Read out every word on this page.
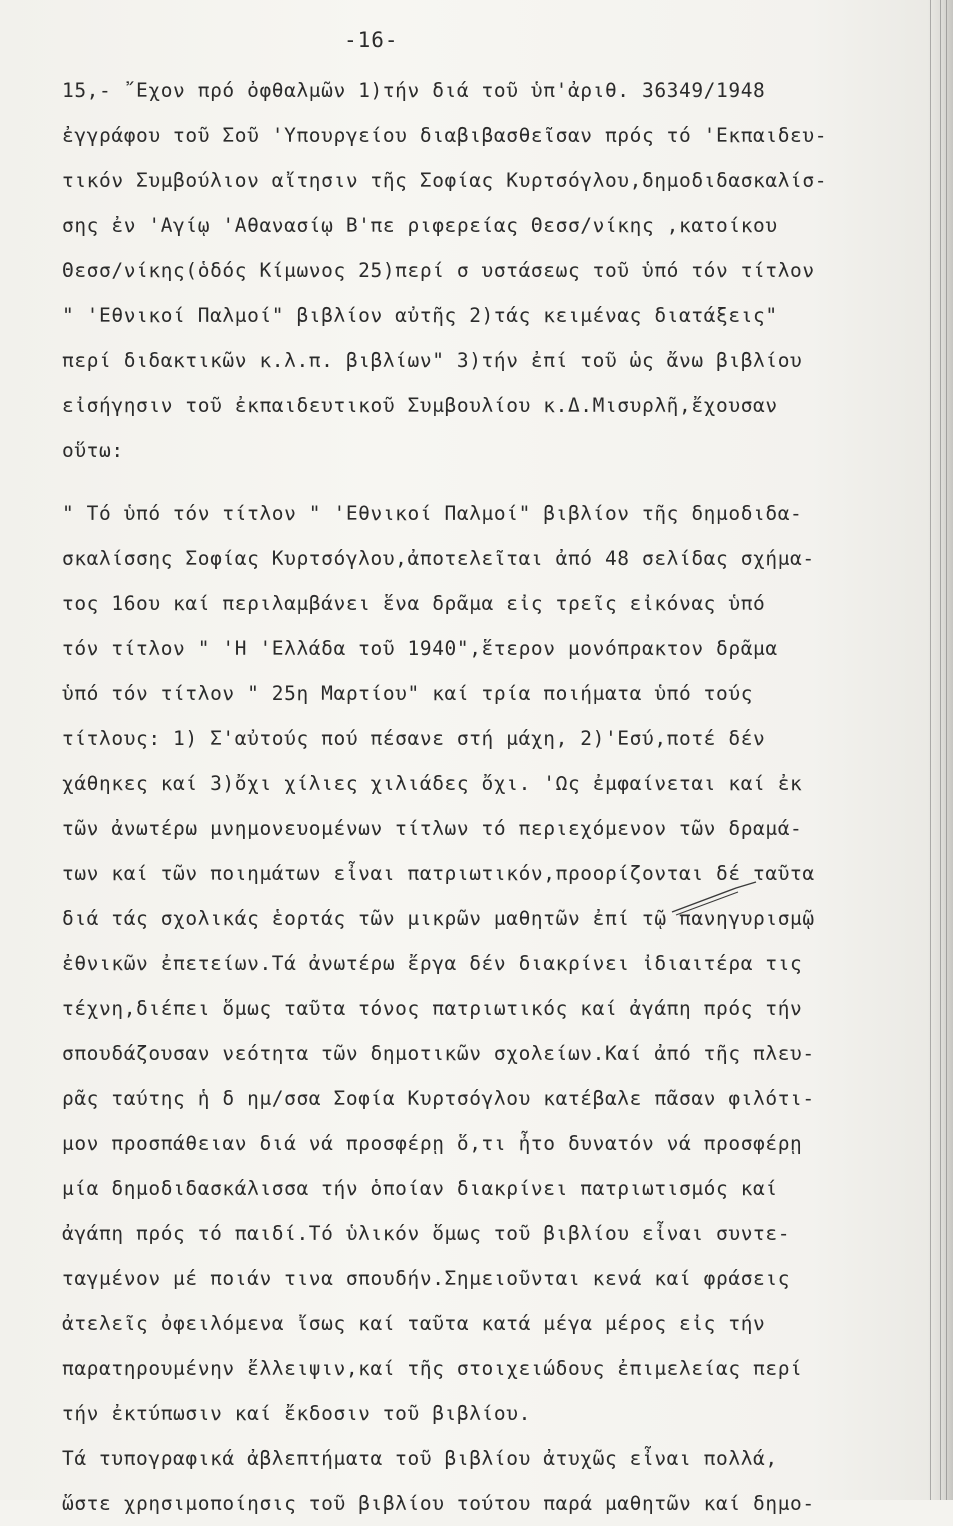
-16-
15,- ῎Εχον πρό ὀφθαλμῶν 1)τήν διά τοῦ ὑπ'ἀριθ. 36349/1948
ἐγγράφου τοῦ Σοῦ 'Υπουργείου διαβιβασθεῖσαν πρός τό 'Εκπαιδευ-
τικόν Συμβούλιον αἴτησιν τῆς Σοφίας Κυρτσόγλου,δημοδιδασκαλίσ-
σης ἐν 'Αγίῳ 'Αθανασίῳ Β'πε ριφερείας Θεσσ/νίκης ,κατοίκου
Θεσσ/νίκης(ὁδός Κίμωνος 25)περί σ υστάσεως τοῦ ὑπό τόν τίτλον
" 'Εθνικοί Παλμοί" βιβλίον αὐτῆς 2)τάς κειμένας διατάξεις"
περί διδακτικῶν κ.λ.π. βιβλίων" 3)τήν ἐπί τοῦ ὡς ἄνω βιβλίου
εἰσήγησιν τοῦ ἐκπαιδευτικοῦ Συμβουλίου κ.Δ.Μισυρλῆ,ἔχουσαν
οὕτω:
" Τό ὑπό τόν τίτλον " 'Εθνικοί Παλμοί" βιβλίον τῆς δημοδιδα-
σκαλίσσης Σοφίας Κυρτσόγλου,ἀποτελεῖται ἀπό 48 σελίδας σχήμα-
τος 16ου καί περιλαμβάνει ἕνα δρᾶμα εἰς τρεῖς εἰκόνας ὑπό
τόν τίτλον " 'Η 'Ελλάδα τοῦ 1940",ἕτερον μονόπρακτον δρᾶμα
ὑπό τόν τίτλον " 25η Μαρτίου" καί τρία ποιήματα ὑπό τούς
τίτλους: 1) Σ'αὐτούς πού πέσανε στή μάχη, 2)'Εσύ,ποτέ δέν
χάθηκες καί 3)ὄχι χίλιες χιλιάδες ὄχι. 'Ως ἐμφαίνεται καί ἐκ
τῶν ἀνωτέρω μνημονευομένων τίτλων τό περιεχόμενον τῶν δραμά-
των καί τῶν ποιημάτων εἶναι πατριωτικόν,προορίζονται δέ ταῦτα
διά τάς σχολικάς ἑορτάς τῶν μικρῶν μαθητῶν ἐπί τῷ πανηγυρισμῷ
ἐθνικῶν ἐπετείων.Τά ἀνωτέρω ἔργα δέν διακρίνει ἰδιαιτέρα τις
τέχνη,διέπει ὅμως ταῦτα τόνος πατριωτικός καί ἀγάπη πρός τήν
σπουδάζουσαν νεότητα τῶν δημοτικῶν σχολείων.Καί ἀπό τῆς πλευ-
ρᾶς ταύτης ἡ δ ημ/σσα Σοφία Κυρτσόγλου κατέβαλε πᾶσαν φιλότι-
μον προσπάθειαν διά νά προσφέρῃ ὅ,τι ἦτο δυνατόν νά προσφέρῃ
μία δημοδιδασκάλισσα τήν ὁποίαν διακρίνει πατριωτισμός καί
ἀγάπη πρός τό παιδί.Τό ὑλικόν ὅμως τοῦ βιβλίου εἶναι συντε-
ταγμένον μέ ποιάν τινα σπουδήν.Σημειοῦνται κενά καί φράσεις
ἀτελεῖς ὀφειλόμενα ἴσως καί ταῦτα κατά μέγα μέρος εἰς τήν
παρατηρουμένην ἔλλειψιν,καί τῆς στοιχειώδους ἐπιμελείας περί
τήν ἐκτύπωσιν καί ἔκδοσιν τοῦ βιβλίου.
Τά τυπογραφικά ἀβλεπτήματα τοῦ βιβλίου ἀτυχῶς εἶναι πολλά,
ὥστε χρησιμοποίησις τοῦ βιβλίου τούτου παρά μαθητῶν καί δημο-
